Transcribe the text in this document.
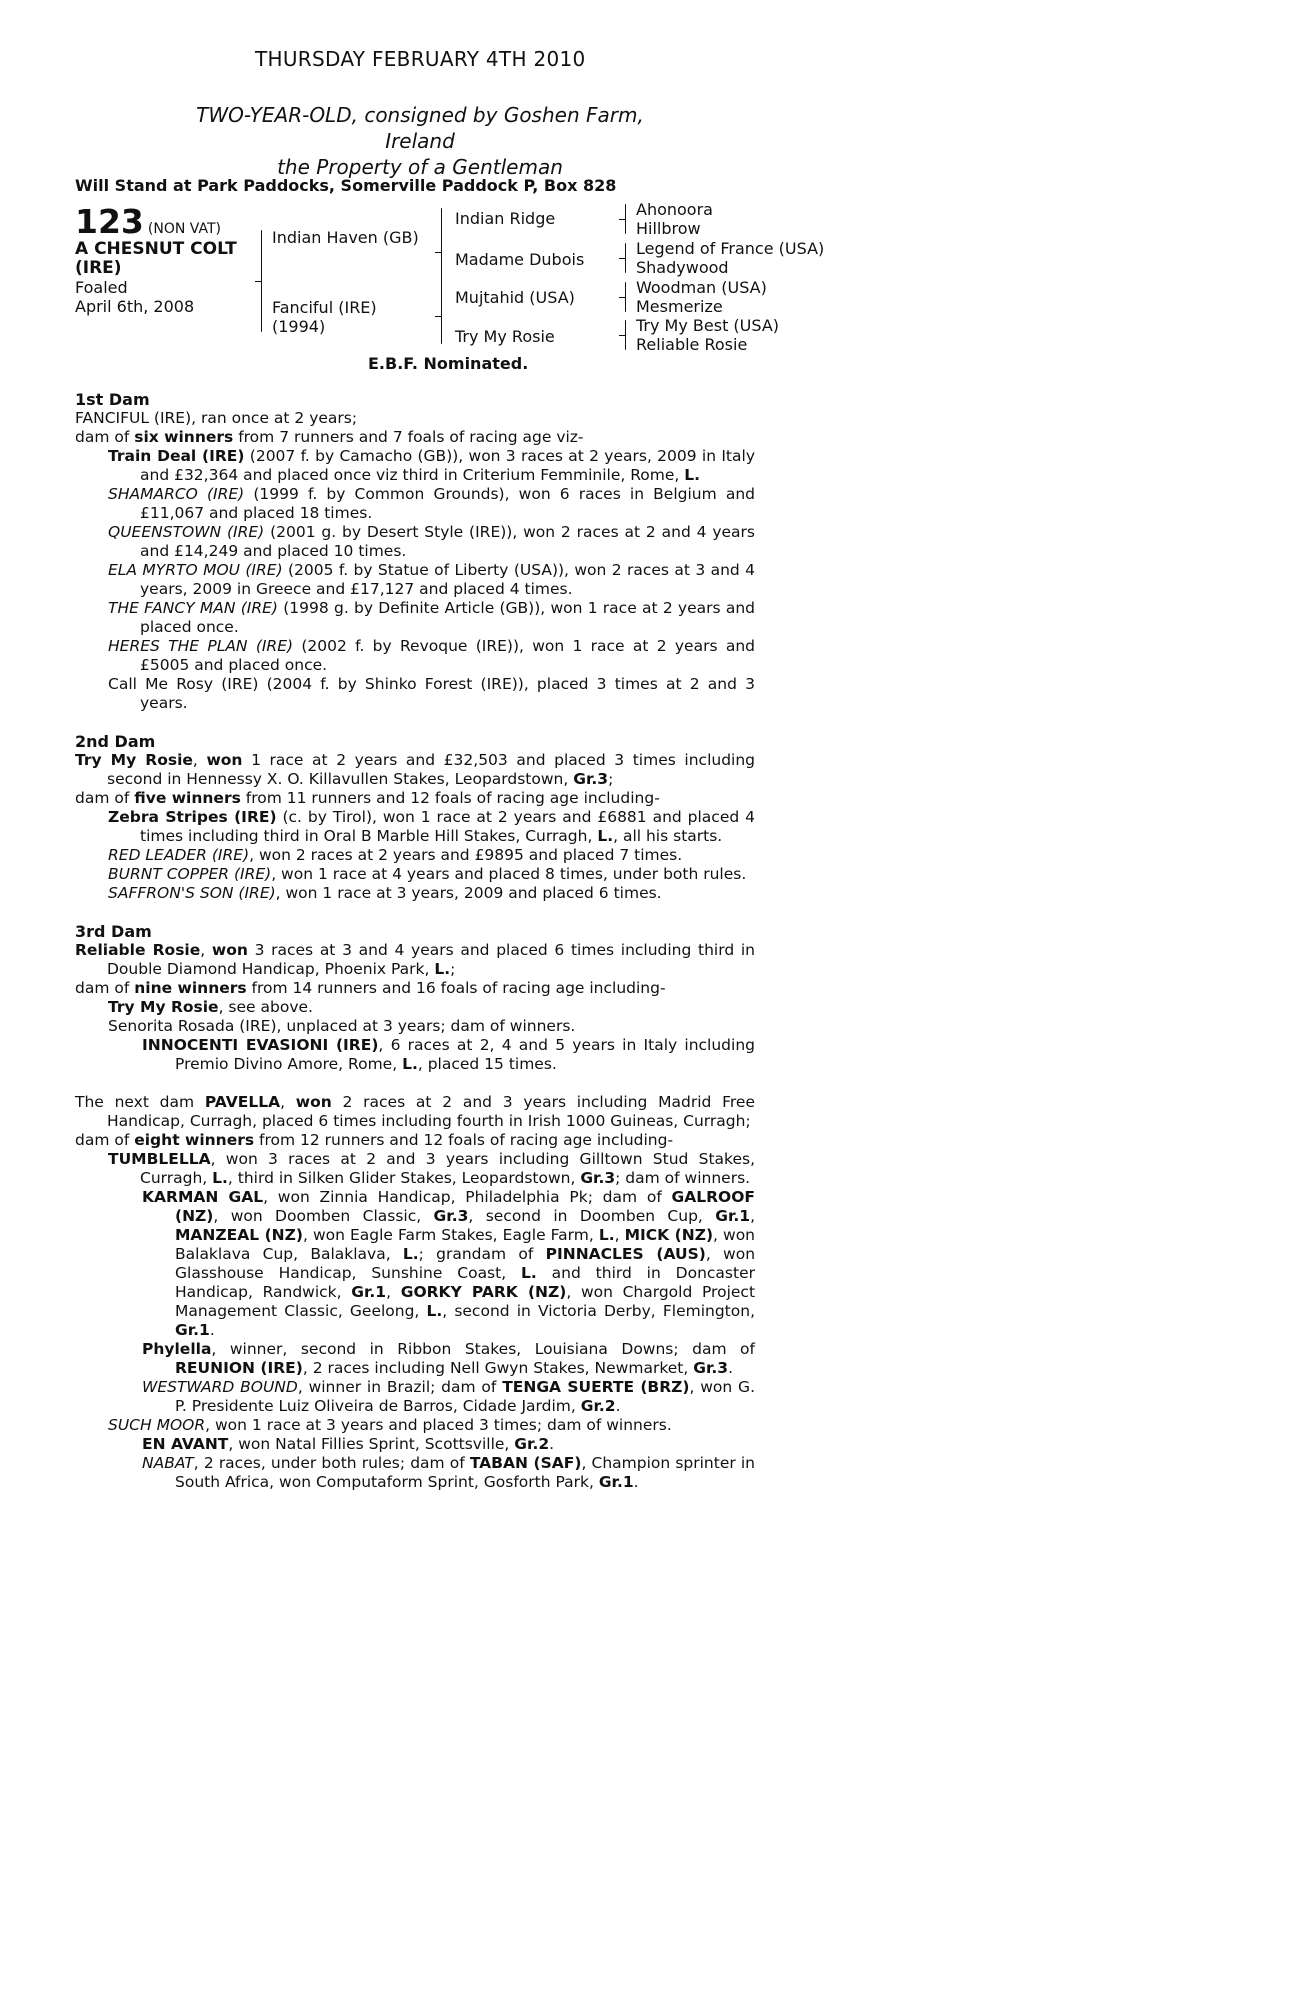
THURSDAY FEBRUARY 4TH 2010
TWO-YEAR-OLD, consigned by Goshen Farm, Ireland
the Property of a Gentleman
Will Stand at Park Paddocks, Somerville Paddock P, Box 828
123 (NON VAT)
A CHESNUT COLT
(IRE)
Foaled
April 6th, 2008
Indian Haven (GB)
Fanciful (IRE)
(1994)
Indian Ridge
Madame Dubois
Mujtahid (USA)
Try My Rosie
Ahonoora
Hillbrow
Legend of France (USA)
Shadywood
Woodman (USA)
Mesmerize
Try My Best (USA)
Reliable Rosie
E.B.F. Nominated.

1st Dam

FANCIFUL (IRE), ran once at 2 years;

dam of six winners from 7 runners and 7 foals of racing age viz-

Train Deal (IRE) (2007 f. by Camacho (GB)), won 3 races at 2 years, 2009 in Italy and £32,364 and placed once viz third in Criterium Femminile, Rome, L.

SHAMARCO (IRE) (1999 f. by Common Grounds), won 6 races in Belgium and £11,067 and placed 18 times.

QUEENSTOWN (IRE) (2001 g. by Desert Style (IRE)), won 2 races at 2 and 4 years and £14,249 and placed 10 times.

ELA MYRTO MOU (IRE) (2005 f. by Statue of Liberty (USA)), won 2 races at 3 and 4 years, 2009 in Greece and £17,127 and placed 4 times.

THE FANCY MAN (IRE) (1998 g. by Definite Article (GB)), won 1 race at 2 years and placed once.

HERES THE PLAN (IRE) (2002 f. by Revoque (IRE)), won 1 race at 2 years and £5005 and placed once.

Call Me Rosy (IRE) (2004 f. by Shinko Forest (IRE)), placed 3 times at 2 and 3 years.

2nd Dam

Try My Rosie, won 1 race at 2 years and £32,503 and placed 3 times including second in Hennessy X. O. Killavullen Stakes, Leopardstown, Gr.3;

dam of five winners from 11 runners and 12 foals of racing age including-

Zebra Stripes (IRE) (c. by Tirol), won 1 race at 2 years and £6881 and placed 4 times including third in Oral B Marble Hill Stakes, Curragh, L., all his starts.

RED LEADER (IRE), won 2 races at 2 years and £9895 and placed 7 times.

BURNT COPPER (IRE), won 1 race at 4 years and placed 8 times, under both rules.

SAFFRON'S SON (IRE), won 1 race at 3 years, 2009 and placed 6 times.

3rd Dam

Reliable Rosie, won 3 races at 3 and 4 years and placed 6 times including third in Double Diamond Handicap, Phoenix Park, L.;

dam of nine winners from 14 runners and 16 foals of racing age including-

Try My Rosie, see above.

Senorita Rosada (IRE), unplaced at 3 years; dam of winners.

INNOCENTI EVASIONI (IRE), 6 races at 2, 4 and 5 years in Italy including Premio Divino Amore, Rome, L., placed 15 times.

The next dam PAVELLA, won 2 races at 2 and 3 years including Madrid Free Handicap, Curragh, placed 6 times including fourth in Irish 1000 Guineas, Curragh;

dam of eight winners from 12 runners and 12 foals of racing age including-

TUMBLELLA, won 3 races at 2 and 3 years including Gilltown Stud Stakes, Curragh, L., third in Silken Glider Stakes, Leopardstown, Gr.3; dam of winners.

KARMAN GAL, won Zinnia Handicap, Philadelphia Pk; dam of GALROOF (NZ), won Doomben Classic, Gr.3, second in Doomben Cup, Gr.1, MANZEAL (NZ), won Eagle Farm Stakes, Eagle Farm, L., MICK (NZ), won Balaklava Cup, Balaklava, L.; grandam of PINNACLES (AUS), won Glasshouse Handicap, Sunshine Coast, L. and third in Doncaster Handicap, Randwick, Gr.1, GORKY PARK (NZ), won Chargold Project Management Classic, Geelong, L., second in Victoria Derby, Flemington, Gr.1.

Phylella, winner, second in Ribbon Stakes, Louisiana Downs; dam of REUNION (IRE), 2 races including Nell Gwyn Stakes, Newmarket, Gr.3.

WESTWARD BOUND, winner in Brazil; dam of TENGA SUERTE (BRZ), won G. P. Presidente Luiz Oliveira de Barros, Cidade Jardim, Gr.2.

SUCH MOOR, won 1 race at 3 years and placed 3 times; dam of winners.

EN AVANT, won Natal Fillies Sprint, Scottsville, Gr.2.

NABAT, 2 races, under both rules; dam of TABAN (SAF), Champion sprinter in South Africa, won Computaform Sprint, Gosforth Park, Gr.1.
